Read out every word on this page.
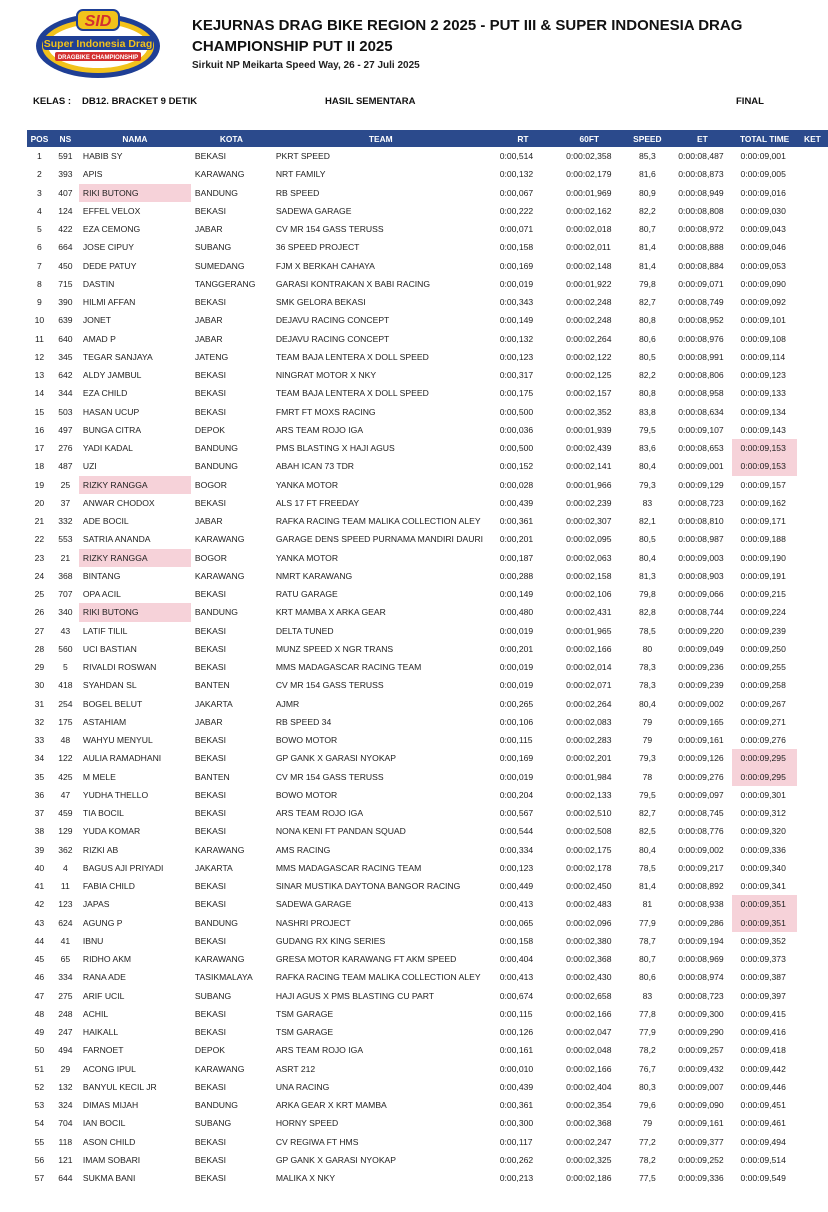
SID
Super Indonesia Drag
DRAGBIKE CHAMPIONSHIP
KEJURNAS DRAG BIKE REGION 2 2025 - PUT III & SUPER INDONESIA DRAG CHAMPIONSHIP PUT II 2025
Sirkuit NP Meikarta Speed Way, 26 - 27 Juli 2025
KELAS : DB12. BRACKET 9 DETIK	HASIL SEMENTARA	FINAL
POS	NS	NAMA	KOTA	TEAM	RT	60FT	SPEED	ET	TOTAL TIME	KET
1	591	HABIB SY	BEKASI	PKRT SPEED	0:00,514	0:00:02,358	85,3	0:00:08,487	0:00:09,001	
2	393	APIS	KARAWANG	NRT FAMILY	0:00,132	0:00:02,179	81,6	0:00:08,873	0:00:09,005	
3	407	RIKI BUTONG	BANDUNG	RB SPEED	0:00,067	0:00:01,969	80,9	0:00:08,949	0:00:09,016	
4	124	EFFEL VELOX	BEKASI	SADEWA GARAGE	0:00,222	0:00:02,162	82,2	0:00:08,808	0:00:09,030	
5	422	EZA CEMONG	JABAR	CV MR 154 GASS TERUSS	0:00,071	0:00:02,018	80,7	0:00:08,972	0:00:09,043	
6	664	JOSE CIPUY	SUBANG	36 SPEED PROJECT	0:00,158	0:00:02,011	81,4	0:00:08,888	0:00:09,046	
7	450	DEDE PATUY	SUMEDANG	FJM X BERKAH CAHAYA	0:00,169	0:00:02,148	81,4	0:00:08,884	0:00:09,053	
8	715	DASTIN	TANGGERANG	GARASI KONTRAKAN X BABI RACING	0:00,019	0:00:01,922	79,8	0:00:09,071	0:00:09,090	
9	390	HILMI AFFAN	BEKASI	SMK GELORA BEKASI	0:00,343	0:00:02,248	82,7	0:00:08,749	0:00:09,092	
10	639	JONET	JABAR	DEJAVU RACING CONCEPT	0:00,149	0:00:02,248	80,8	0:00:08,952	0:00:09,101	
11	640	AMAD P	JABAR	DEJAVU RACING CONCEPT	0:00,132	0:00:02,264	80,6	0:00:08,976	0:00:09,108	
12	345	TEGAR SANJAYA	JATENG	TEAM BAJA LENTERA X DOLL SPEED	0:00,123	0:00:02,122	80,5	0:00:08,991	0:00:09,114	
13	642	ALDY JAMBUL	BEKASI	NINGRAT MOTOR X NKY	0:00,317	0:00:02,125	82,2	0:00:08,806	0:00:09,123	
14	344	EZA CHILD	BEKASI	TEAM BAJA LENTERA X DOLL SPEED	0:00,175	0:00:02,157	80,8	0:00:08,958	0:00:09,133	
15	503	HASAN UCUP	BEKASI	FMRT FT MOXS RACING	0:00,500	0:00:02,352	83,8	0:00:08,634	0:00:09,134	
16	497	BUNGA CITRA	DEPOK	ARS TEAM ROJO IGA	0:00,036	0:00:01,939	79,5	0:00:09,107	0:00:09,143	
17	276	YADI KADAL	BANDUNG	PMS BLASTING X HAJI AGUS	0:00,500	0:00:02,439	83,6	0:00:08,653	0:00:09,153	
18	487	UZI	BANDUNG	ABAH ICAN 73 TDR	0:00,152	0:00:02,141	80,4	0:00:09,001	0:00:09,153	
19	25	RIZKY RANGGA	BOGOR	YANKA MOTOR	0:00,028	0:00:01,966	79,3	0:00:09,129	0:00:09,157	
20	37	ANWAR CHODOX	BEKASI	ALS 17 FT FREEDAY	0:00,439	0:00:02,239	83	0:00:08,723	0:00:09,162	
21	332	ADE BOCIL	JABAR	RAFKA RACING TEAM MALIKA COLLECTION ALEY	0:00,361	0:00:02,307	82,1	0:00:08,810	0:00:09,171	
22	553	SATRIA ANANDA	KARAWANG	GARAGE DENS SPEED PURNAMA MANDIRI DAURI	0:00,201	0:00:02,095	80,5	0:00:08,987	0:00:09,188	
23	21	RIZKY RANGGA	BOGOR	YANKA MOTOR	0:00,187	0:00:02,063	80,4	0:00:09,003	0:00:09,190	
24	368	BINTANG	KARAWANG	NMRT KARAWANG	0:00,288	0:00:02,158	81,3	0:00:08,903	0:00:09,191	
25	707	OPA ACIL	BEKASI	RATU GARAGE	0:00,149	0:00:02,106	79,8	0:00:09,066	0:00:09,215	
26	340	RIKI BUTONG	BANDUNG	KRT MAMBA X ARKA GEAR	0:00,480	0:00:02,431	82,8	0:00:08,744	0:00:09,224	
27	43	LATIF TILIL	BEKASI	DELTA TUNED	0:00,019	0:00:01,965	78,5	0:00:09,220	0:00:09,239	
28	560	UCI BASTIAN	BEKASI	MUNZ SPEED X NGR TRANS	0:00,201	0:00:02,166	80	0:00:09,049	0:00:09,250	
29	5	RIVALDI ROSWAN	BEKASI	MMS MADAGASCAR RACING TEAM	0:00,019	0:00:02,014	78,3	0:00:09,236	0:00:09,255	
30	418	SYAHDAN SL	BANTEN	CV MR 154 GASS TERUSS	0:00,019	0:00:02,071	78,3	0:00:09,239	0:00:09,258	
31	254	BOGEL BELUT	JAKARTA	AJMR	0:00,265	0:00:02,264	80,4	0:00:09,002	0:00:09,267	
32	175	ASTAHIAM	JABAR	RB SPEED 34	0:00,106	0:00:02,083	79	0:00:09,165	0:00:09,271	
33	48	WAHYU MENYUL	BEKASI	BOWO MOTOR	0:00,115	0:00:02,283	79	0:00:09,161	0:00:09,276	
34	122	AULIA RAMADHANI	BEKASI	GP GANK X GARASI NYOKAP	0:00,169	0:00:02,201	79,3	0:00:09,126	0:00:09,295	
35	425	M MELE	BANTEN	CV MR 154 GASS TERUSS	0:00,019	0:00:01,984	78	0:00:09,276	0:00:09,295	
36	47	YUDHA THELLO	BEKASI	BOWO MOTOR	0:00,204	0:00:02,133	79,5	0:00:09,097	0:00:09,301	
37	459	TIA BOCIL	BEKASI	ARS TEAM ROJO IGA	0:00,567	0:00:02,510	82,7	0:00:08,745	0:00:09,312	
38	129	YUDA KOMAR	BEKASI	NONA KENI FT PANDAN SQUAD	0:00,544	0:00:02,508	82,5	0:00:08,776	0:00:09,320	
39	362	RIZKI AB	KARAWANG	AMS RACING	0:00,334	0:00:02,175	80,4	0:00:09,002	0:00:09,336	
40	4	BAGUS AJI PRIYADI	JAKARTA	MMS MADAGASCAR RACING TEAM	0:00,123	0:00:02,178	78,5	0:00:09,217	0:00:09,340	
41	11	FABIA CHILD	BEKASI	SINAR MUSTIKA DAYTONA BANGOR RACING	0:00,449	0:00:02,450	81,4	0:00:08,892	0:00:09,341	
42	123	JAPAS	BEKASI	SADEWA GARAGE	0:00,413	0:00:02,483	81	0:00:08,938	0:00:09,351	
43	624	AGUNG P	BANDUNG	NASHRI PROJECT	0:00,065	0:00:02,096	77,9	0:00:09,286	0:00:09,351	
44	41	IBNU	BEKASI	GUDANG RX KING SERIES	0:00,158	0:00:02,380	78,7	0:00:09,194	0:00:09,352	
45	65	RIDHO AKM	KARAWANG	GRESA MOTOR KARAWANG FT AKM SPEED	0:00,404	0:00:02,368	80,7	0:00:08,969	0:00:09,373	
46	334	RANA ADE	TASIKMALAYA	RAFKA RACING TEAM MALIKA COLLECTION ALEY	0:00,413	0:00:02,430	80,6	0:00:08,974	0:00:09,387	
47	275	ARIF UCIL	SUBANG	HAJI AGUS X PMS BLASTING CU PART	0:00,674	0:00:02,658	83	0:00:08,723	0:00:09,397	
48	248	ACHIL	BEKASI	TSM GARAGE	0:00,115	0:00:02,166	77,8	0:00:09,300	0:00:09,415	
49	247	HAIKALL	BEKASI	TSM GARAGE	0:00,126	0:00:02,047	77,9	0:00:09,290	0:00:09,416	
50	494	FARNOET	DEPOK	ARS TEAM ROJO IGA	0:00,161	0:00:02,048	78,2	0:00:09,257	0:00:09,418	
51	29	ACONG IPUL	KARAWANG	ASRT 212	0:00,010	0:00:02,166	76,7	0:00:09,432	0:00:09,442	
52	132	BANYUL KECIL JR	BEKASI	UNA RACING	0:00,439	0:00:02,404	80,3	0:00:09,007	0:00:09,446	
53	324	DIMAS MIJAH	BANDUNG	ARKA GEAR X KRT MAMBA	0:00,361	0:00:02,354	79,6	0:00:09,090	0:00:09,451	
54	704	IAN BOCIL	SUBANG	HORNY SPEED	0:00,300	0:00:02,368	79	0:00:09,161	0:00:09,461	
55	118	ASON CHILD	BEKASI	CV REGIWA FT HMS	0:00,117	0:00:02,247	77,2	0:00:09,377	0:00:09,494	
56	121	IMAM SOBARI	BEKASI	GP GANK X GARASI NYOKAP	0:00,262	0:00:02,325	78,2	0:00:09,252	0:00:09,514	
57	644	SUKMA BANI	BEKASI	MALIKA X NKY	0:00,213	0:00:02,186	77,5	0:00:09,336	0:00:09,549	
